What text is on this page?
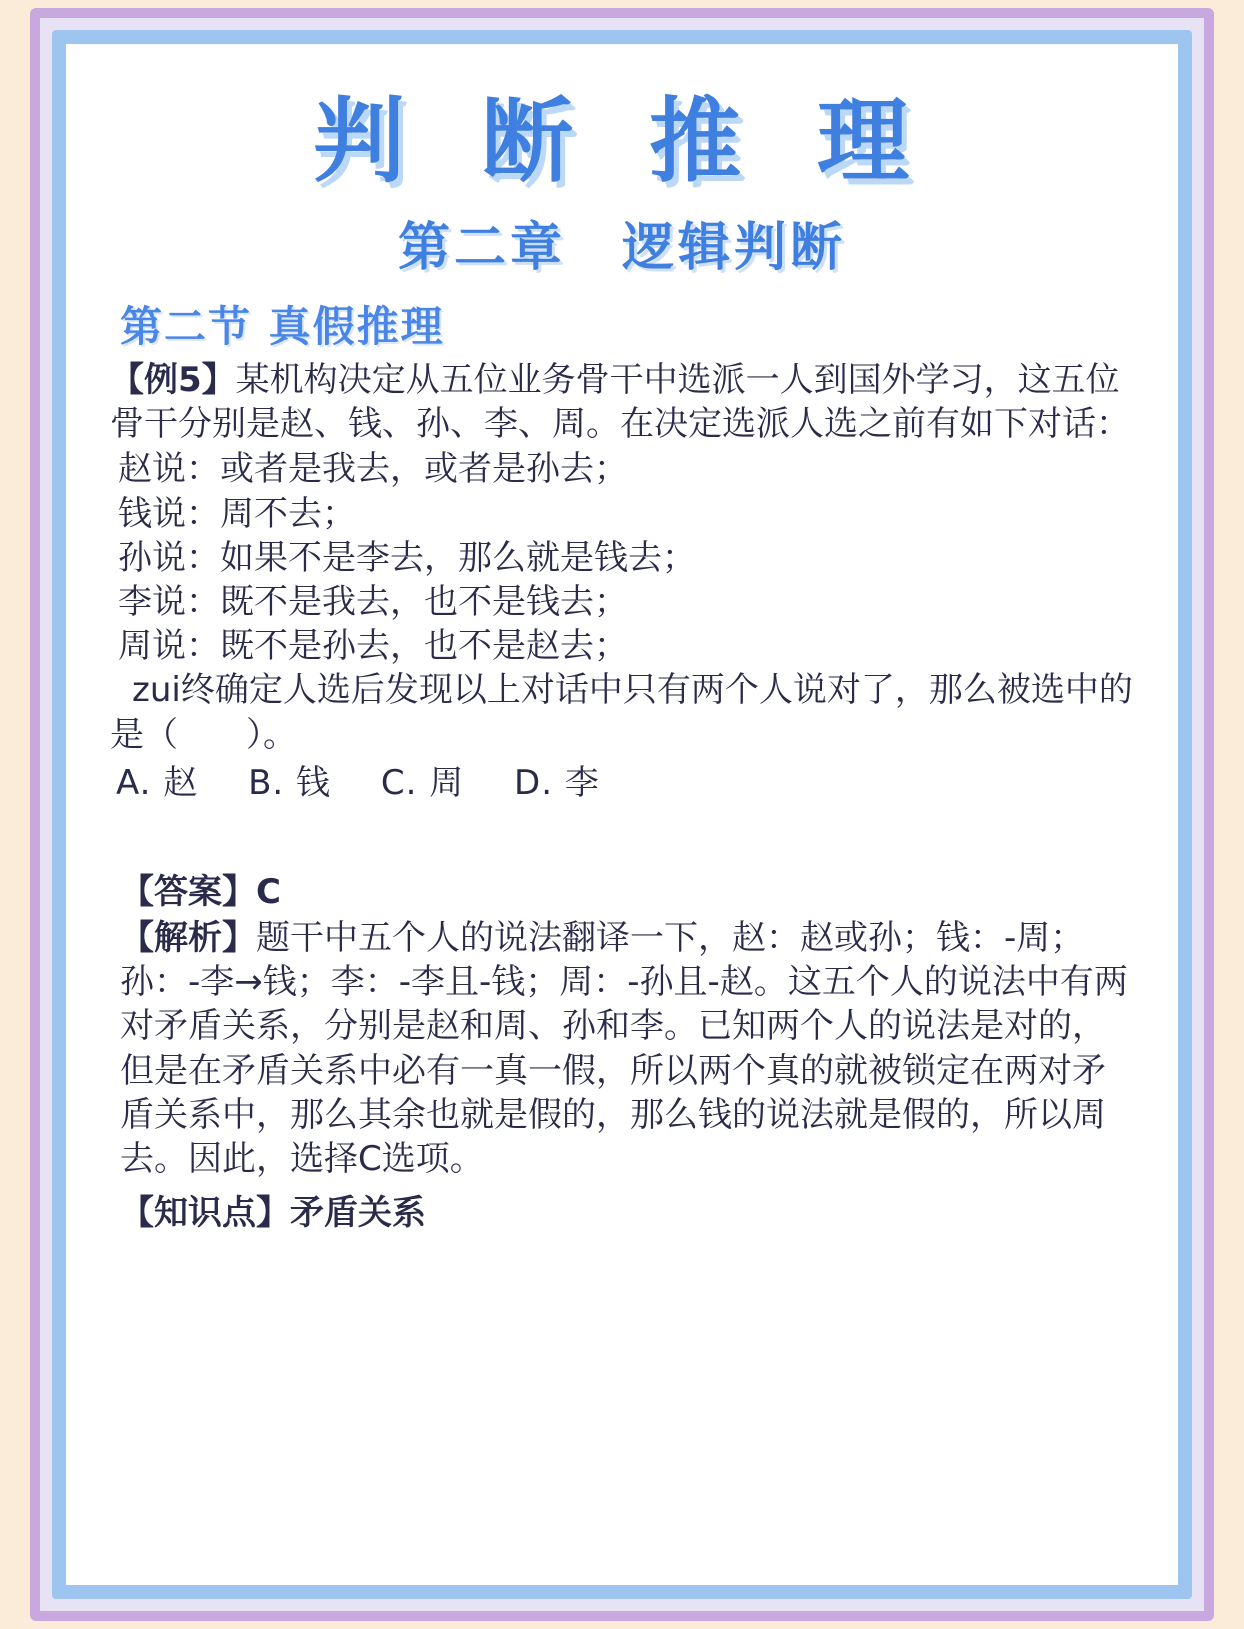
判 断 推 理
第二章　逻辑判断
第二节 真假推理

【例5】某机构决定从五位业务骨干中选派一人到国外学习，这五位骨干分别是赵、钱、孙、李、周。在决定选派人选之前有如下对话：

赵说：或者是我去，或者是孙去；

钱说：周不去；

孙说：如果不是李去，那么就是钱去；

李说：既不是我去，也不是钱去；

周说：既不是孙去，也不是赵去；

zui终确定人选后发现以上对话中只有两个人说对了，那么被选中的是（　　）。

A. 赵 B. 钱 C. 周 D. 李

【答案】C

【解析】题干中五个人的说法翻译一下，赵：赵或孙；钱：-周；孙：-李→钱；李：-李且-钱；周：-孙且-赵。这五个人的说法中有两对矛盾关系，分别是赵和周、孙和李。已知两个人的说法是对的，但是在矛盾关系中必有一真一假，所以两个真的就被锁定在两对矛盾关系中，那么其余也就是假的，那么钱的说法就是假的，所以周去。因此，选择C选项。

【知识点】矛盾关系
